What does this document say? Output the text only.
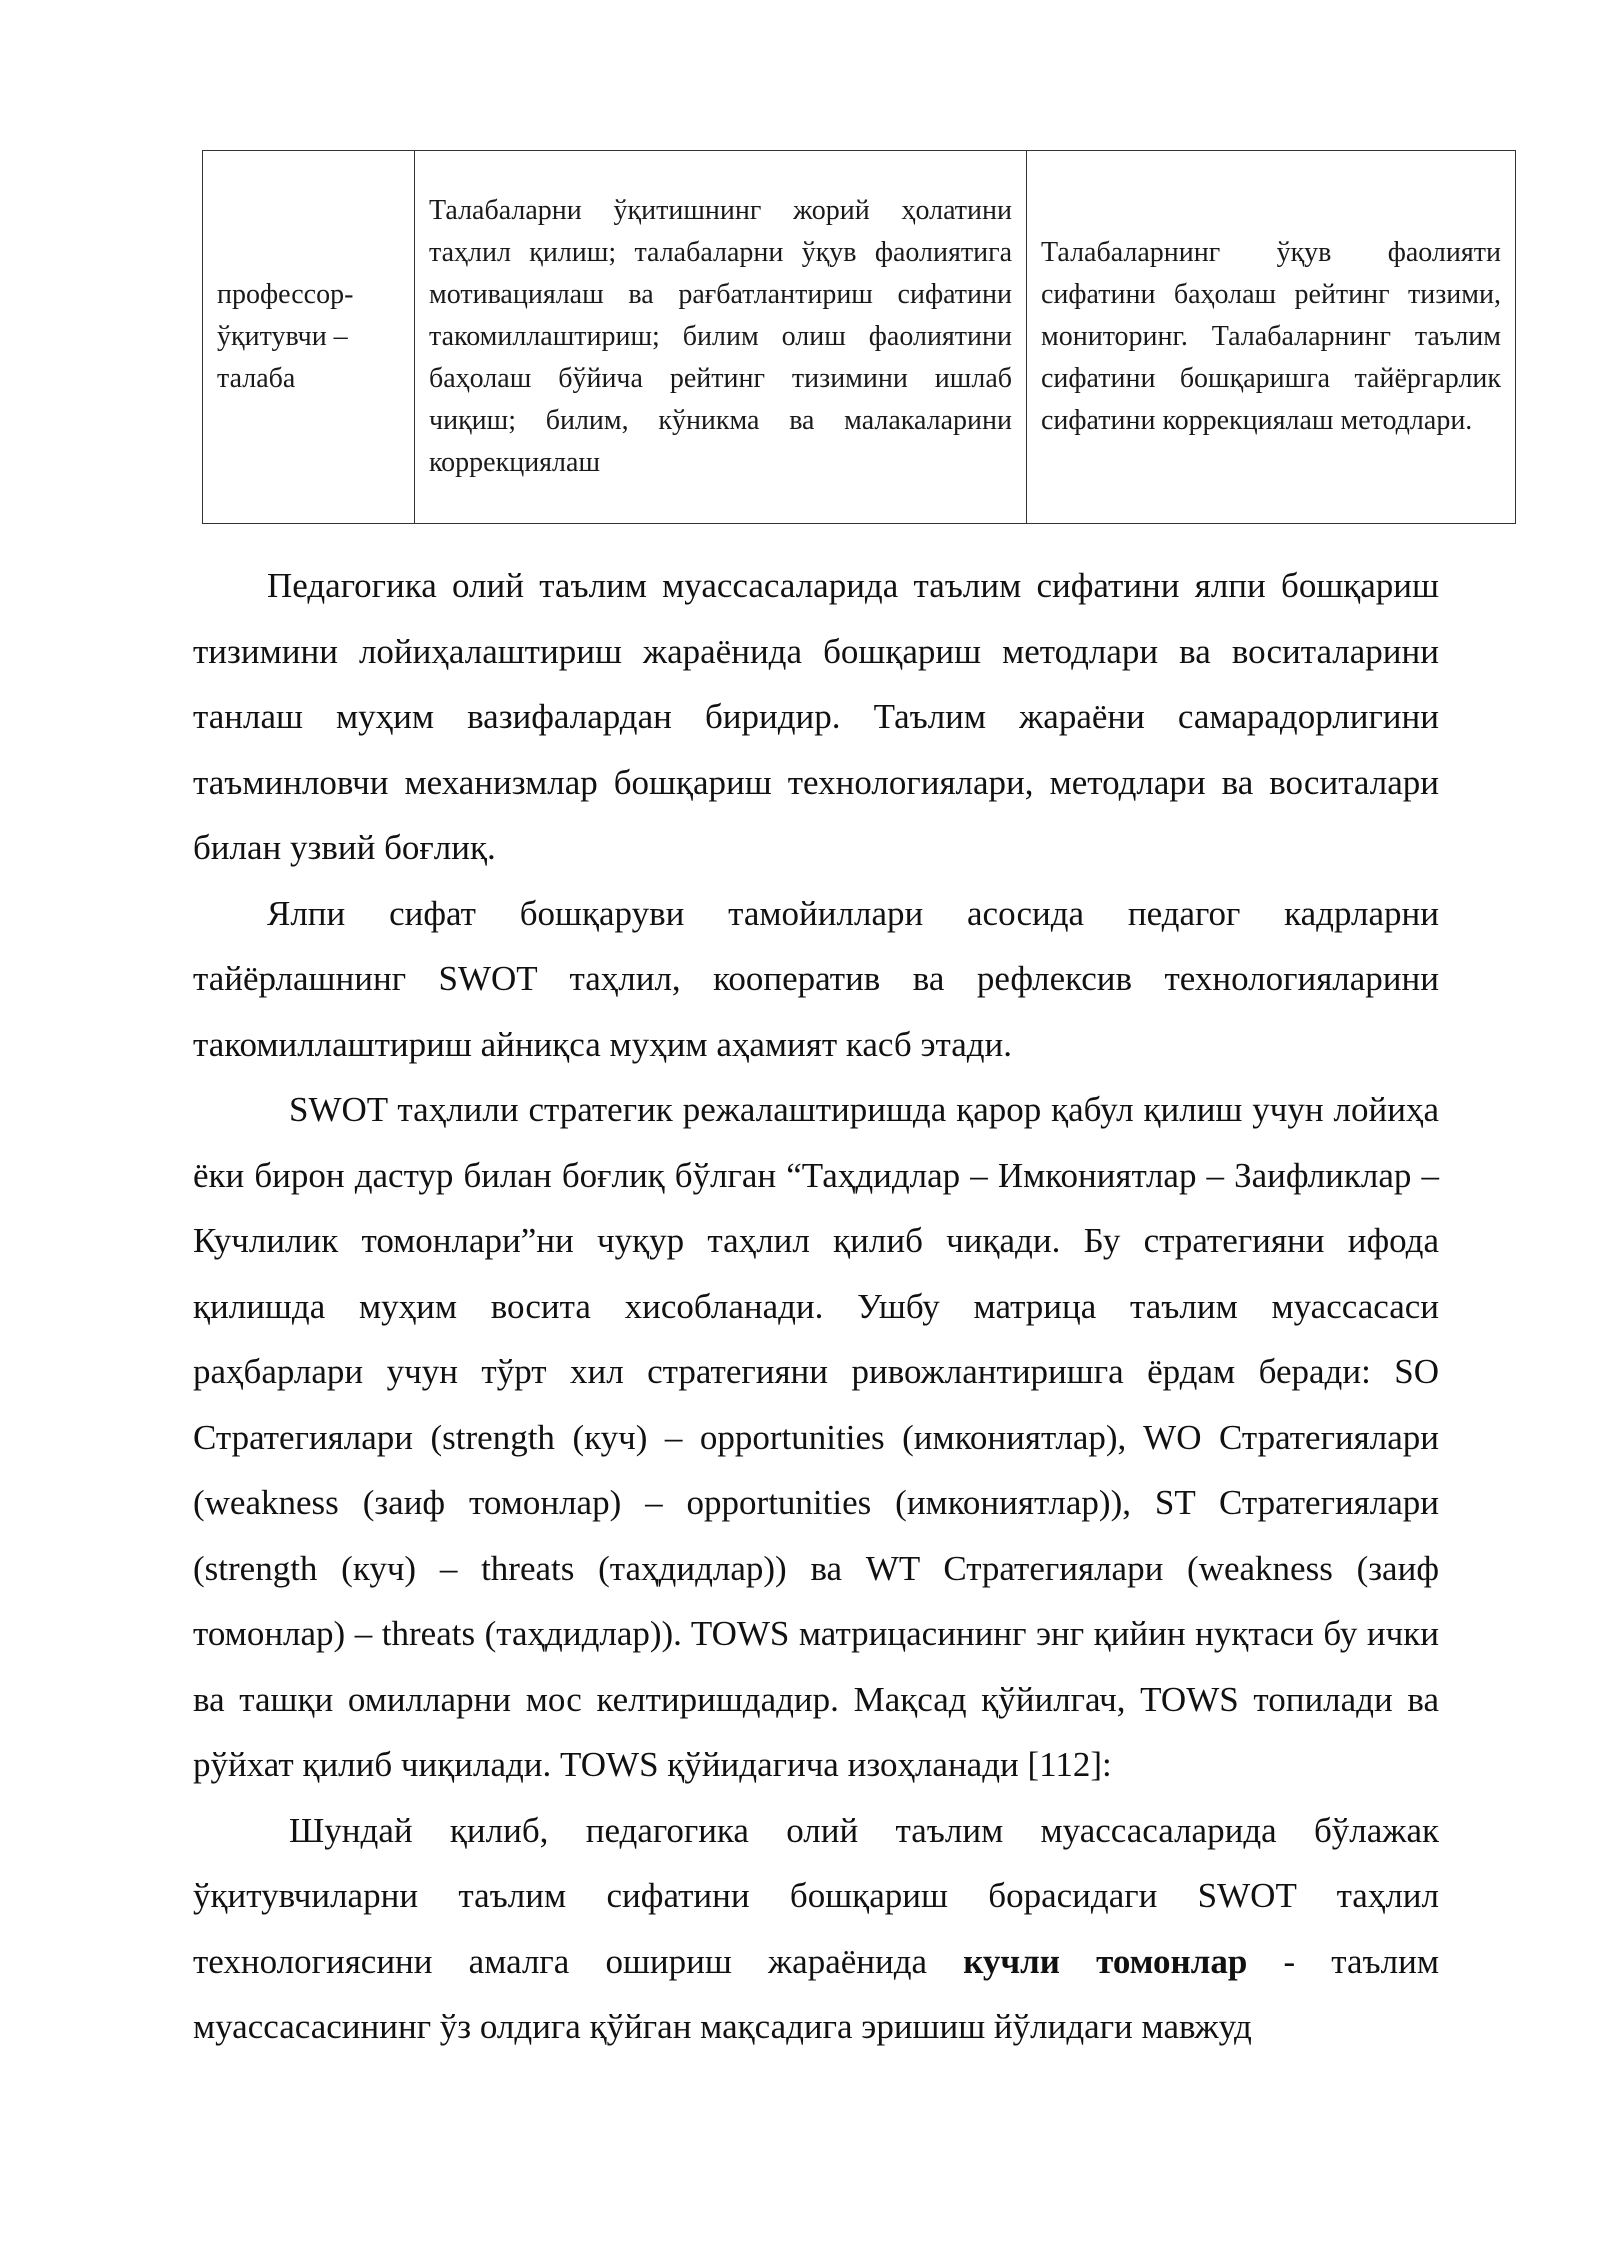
профессор-ўқитувчи – талаба	Талабаларни ўқитишнинг жорий ҳолатини таҳлил қилиш; талабаларни ўқув фаолиятига мотивациялаш ва рағбатлантириш сифатини такомиллаштириш; билим олиш фаолиятини баҳолаш бўйича рейтинг тизимини ишлаб чиқиш; билим, кўникма ва малакаларини коррекциялаш	Талабаларнинг ўқув фаолияти сифатини баҳолаш рейтинг тизими, мониторинг. Талабаларнинг таълим сифатини бошқаришга тайёргарлик сифатини коррекциялаш методлари.

Педагогика олий таълим муассасаларида таълим сифатини ялпи бошқариш тизимини лойиҳалаштириш жараёнида бошқариш методлари ва воситаларини танлаш муҳим вазифалардан биридир. Таълим жараёни самарадорлигини таъминловчи механизмлар бошқариш технологиялари, методлари ва воситалари билан узвий боғлиқ.

Ялпи сифат бошқаруви тамойиллари асосида педагог кадрларни тайёрлашнинг SWOT таҳлил, кооператив ва рефлексив технологияларини такомиллаштириш айниқса муҳим аҳамият касб этади.

SWOT таҳлили стратегик режалаштиришда қарор қабул қилиш учун лойиҳа ёки бирон дастур билан боғлиқ бўлган “Таҳдидлар – Имкониятлар – Заифликлар – Кучлилик томонлари”ни чуқур таҳлил қилиб чиқади. Бу стратегияни ифода қилишда муҳим восита хисобланади. Ушбу матрица таълим муассасаси раҳбарлари учун тўрт хил стратегияни ривожлантиришга ёрдам беради: SO Стратегиялари (strength (куч) – opportunities (имкониятлар), WO Стратегиялари (weakness (заиф томонлар) – opportunities (имкониятлар)), ST Стратегиялари (strength (куч) – threats (таҳдидлар)) ва WT Стратегиялари (weakness (заиф томонлар) – threats (таҳдидлар)). TOWS матрицасининг энг қийин нуқтаси бу ички ва ташқи омилларни мос келтиришдадир. Мақсад қўйилгач, TOWS топилади ва рўйхат қилиб чиқилади. TOWS қўйидагича изоҳланади [112]:

Шундай қилиб, педагогика олий таълим муассасаларида бўлажак ўқитувчиларни таълим сифатини бошқариш борасидаги SWOT таҳлил технологиясини амалга ошириш жараёнида кучли томонлар - таълим муассасасининг ўз олдига қўйган мақсадига эришиш йўлидаги мавжуд
